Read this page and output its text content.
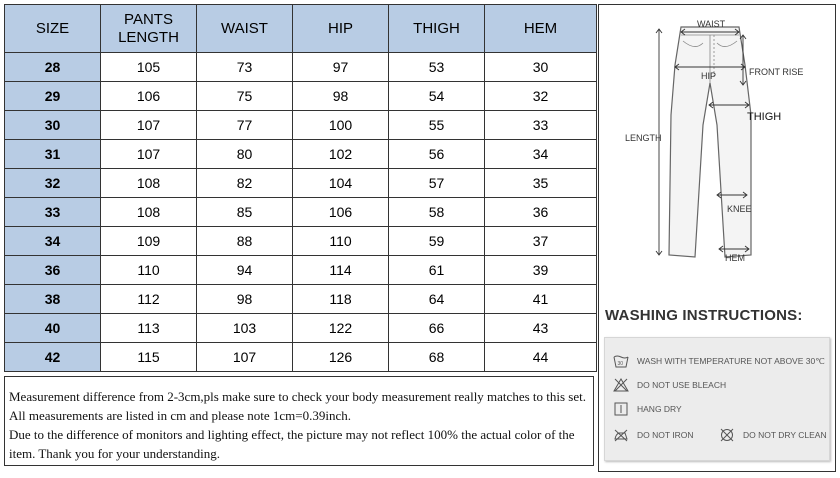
SIZE	PANTS LENGTH	WAIST	HIP	THIGH	HEM
28	105	73	97	53	30
29	106	75	98	54	32
30	107	77	100	55	33
31	107	80	102	56	34
32	108	82	104	57	35
33	108	85	106	58	36
34	109	88	110	59	37
36	110	94	114	61	39
38	112	98	118	64	41
40	113	103	122	66	43
42	115	107	126	68	44

Measurement difference from 2-3cm,pls make sure to check your body measurement really matches to this set. All measurements are listed in cm and please note 1cm=0.39inch.

Due to the difference of monitors and lighting effect, the picture may not reflect 100% the actual color of the item. Thank you for your understanding.

WAIST
HIP	FRONT RISE
THIGH
LENGTH
KNEE
HEM
WASHING INSTRUCTIONS:
30 WASH WITH TEMPERATURE NOT ABOVE 30℃
DO NOT USE BLEACH
HANG DRY
DO NOT IRON	DO NOT DRY CLEAN
